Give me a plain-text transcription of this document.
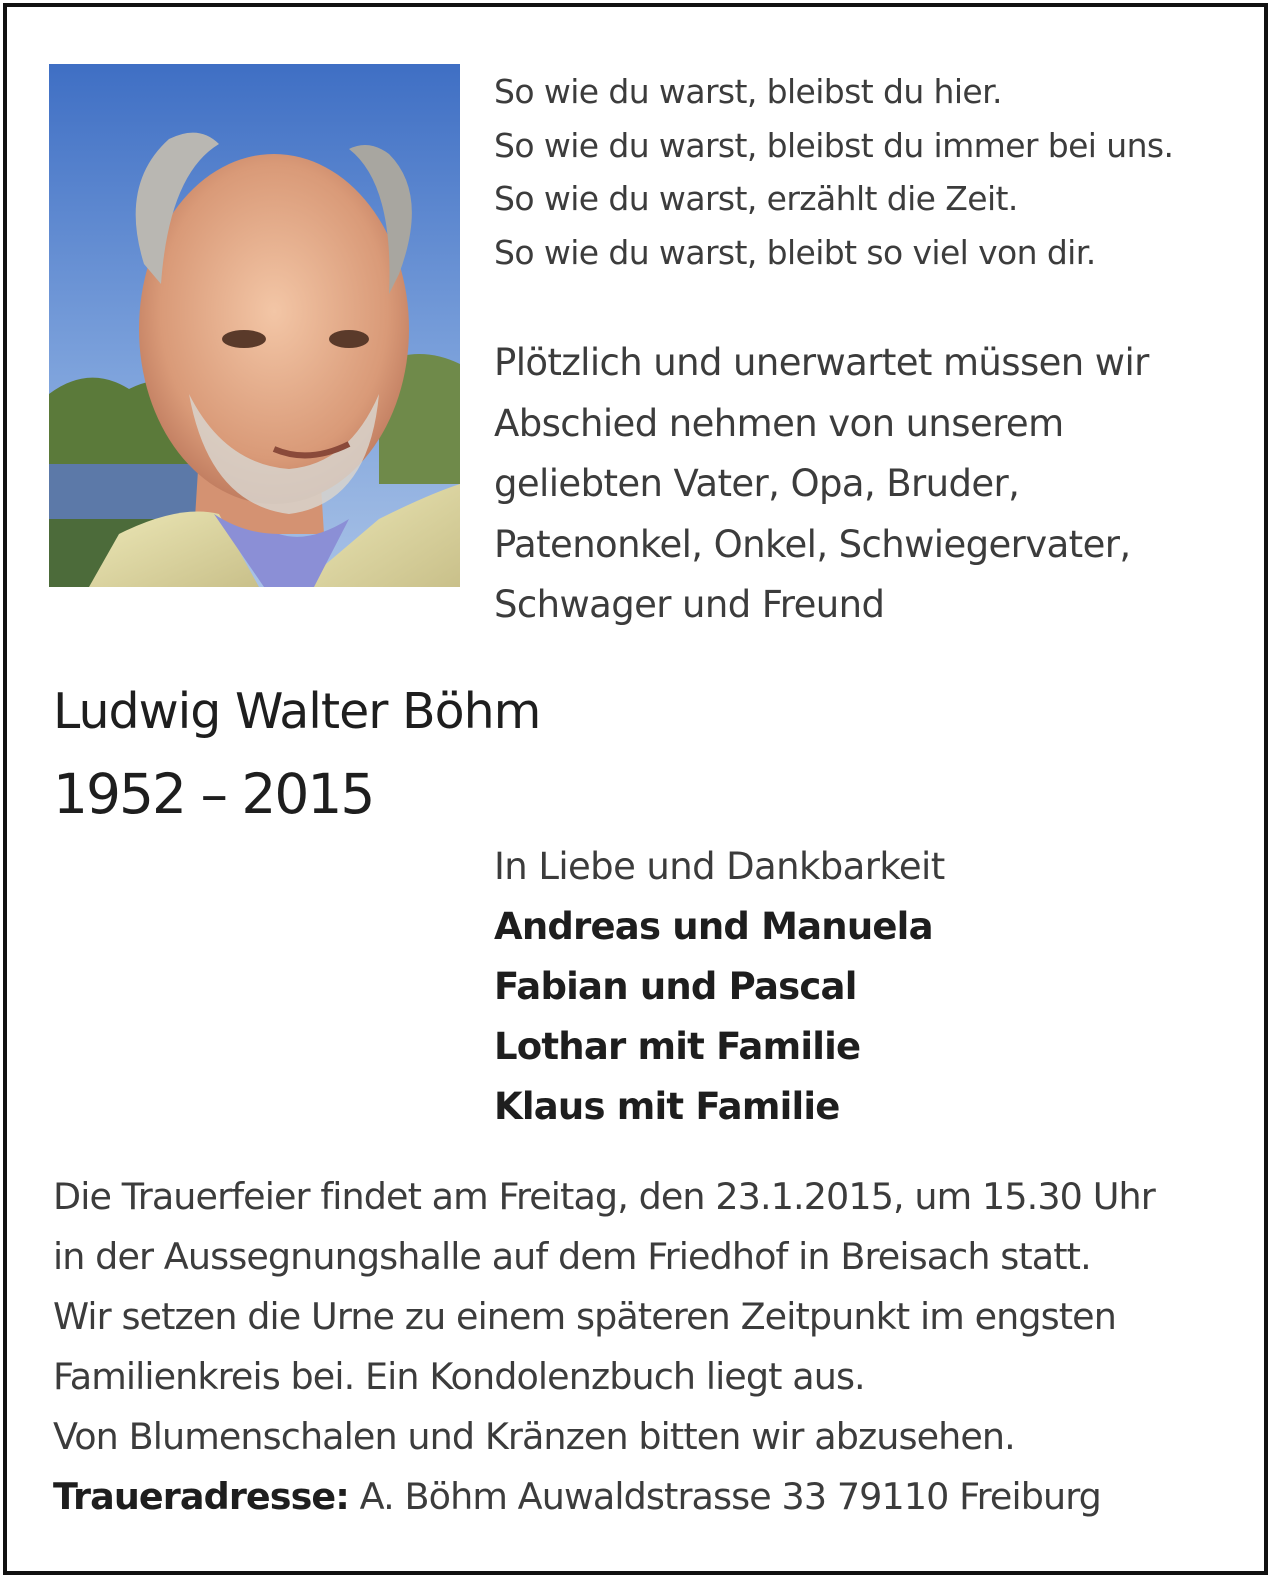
So wie du warst, bleibst du hier.
So wie du warst, bleibst du immer bei uns.
So wie du warst, erzählt die Zeit.
So wie du warst, bleibt so viel von dir.
Plötzlich und unerwartet müssen wir
Abschied nehmen von unserem
geliebten Vater, Opa, Bruder,
Patenonkel, Onkel, Schwiegervater,
Schwager und Freund
Ludwig Walter Böhm
1952 – 2015
In Liebe und Dankbarkeit
Andreas und Manuela
Fabian und Pascal
Lothar mit Familie
Klaus mit Familie
Die Trauerfeier findet am Freitag, den 23.1.2015, um 15.30 Uhr
in der Aussegnungshalle auf dem Friedhof in Breisach statt.
Wir setzen die Urne zu einem späteren Zeitpunkt im engsten
Familienkreis bei. Ein Kondolenzbuch liegt aus.
Von Blumenschalen und Kränzen bitten wir abzusehen.
Traueradresse: A. Böhm Auwaldstrasse 33 79110 Freiburg
